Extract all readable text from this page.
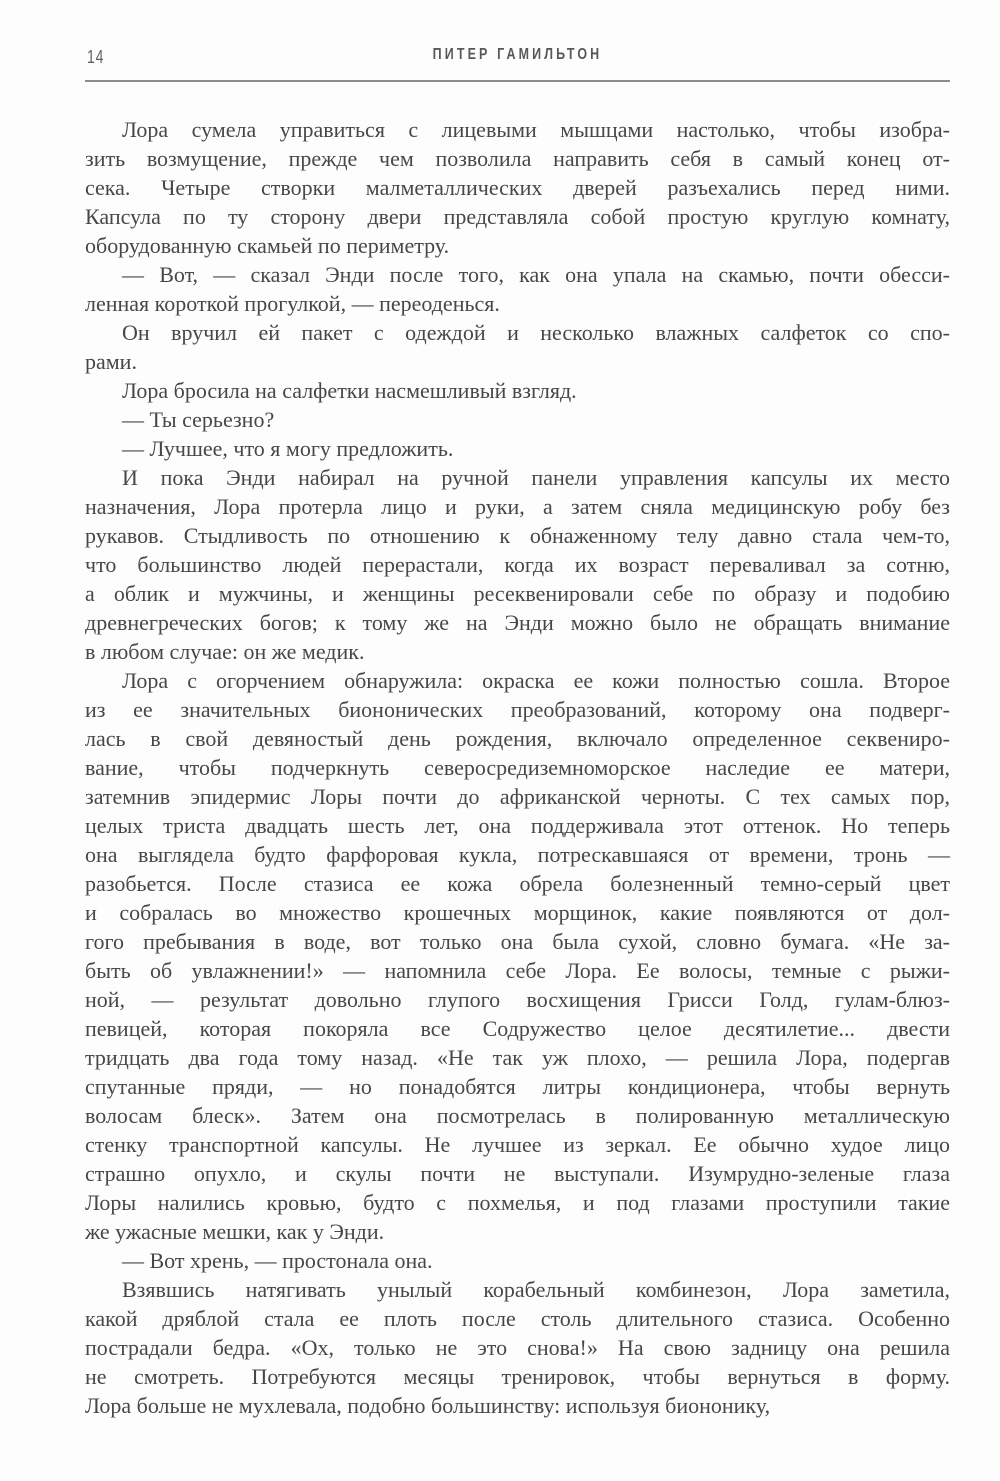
14	ПИТЕР ГАМИЛЬТОН
Лора сумела управиться с лицевыми мышцами настолько, чтобы изобра-
зить возмущение, прежде чем позволила направить себя в самый конец от-
сека. Четыре створки малметаллических дверей разъехались перед ними.
Капсула по ту сторону двери представляла собой простую круглую комнату,
оборудованную скамьей по периметру.
— Вот, — сказал Энди после того, как она упала на скамью, почти обесси-
ленная короткой прогулкой, — переоденься.
Он вручил ей пакет с одеждой и несколько влажных салфеток со спо-
рами.
Лора бросила на салфетки насмешливый взгляд.
— Ты серьезно?
— Лучшее, что я могу предложить.
И пока Энди набирал на ручной панели управления капсулы их место
назначения, Лора протерла лицо и руки, а затем сняла медицинскую робу без
рукавов. Стыдливость по отношению к обнаженному телу давно стала чем-то,
что большинство людей перерастали, когда их возраст переваливал за сотню,
а облик и мужчины, и женщины ресеквенировали себе по образу и подобию
древнегреческих богов; к тому же на Энди можно было не обращать внимание
в любом случае: он же медик.
Лора с огорчением обнаружила: окраска ее кожи полностью сошла. Второе
из ее значительных биононических преобразований, которому она подверг-
лась в свой девяностый день рождения, включало определенное секвениро-
вание, чтобы подчеркнуть северосредиземноморское наследие ее матери,
затемнив эпидермис Лоры почти до африканской черноты. С тех самых пор,
целых триста двадцать шесть лет, она поддерживала этот оттенок. Но теперь
она выглядела будто фарфоровая кукла, потрескавшаяся от времени, тронь —
разобьется. После стазиса ее кожа обрела болезненный темно-серый цвет
и собралась во множество крошечных морщинок, какие появляются от дол-
гого пребывания в воде, вот только она была сухой, словно бумага. «Не за-
быть об увлажнении!» — напомнила себе Лора. Ее волосы, темные с рыжи-
ной, — результат довольно глупого восхищения Грисси Голд, гулам-блюз-
певицей, которая покоряла все Содружество целое десятилетие... двести
тридцать два года тому назад. «Не так уж плохо, — решила Лора, подергав
спутанные пряди, — но понадобятся литры кондиционера, чтобы вернуть
волосам блеск». Затем она посмотрелась в полированную металлическую
стенку транспортной капсулы. Не лучшее из зеркал. Ее обычно худое лицо
страшно опухло, и скулы почти не выступали. Изумрудно-зеленые глаза
Лоры налились кровью, будто с похмелья, и под глазами проступили такие
же ужасные мешки, как у Энди.
— Вот хрень, — простонала она.
Взявшись натягивать унылый корабельный комбинезон, Лора заметила,
какой дряблой стала ее плоть после столь длительного стазиса. Особенно
пострадали бедра. «Ох, только не это снова!» На свою задницу она решила
не смотреть. Потребуются месяцы тренировок, чтобы вернуться в форму.
Лора больше не мухлевала, подобно большинству: используя биононику,
